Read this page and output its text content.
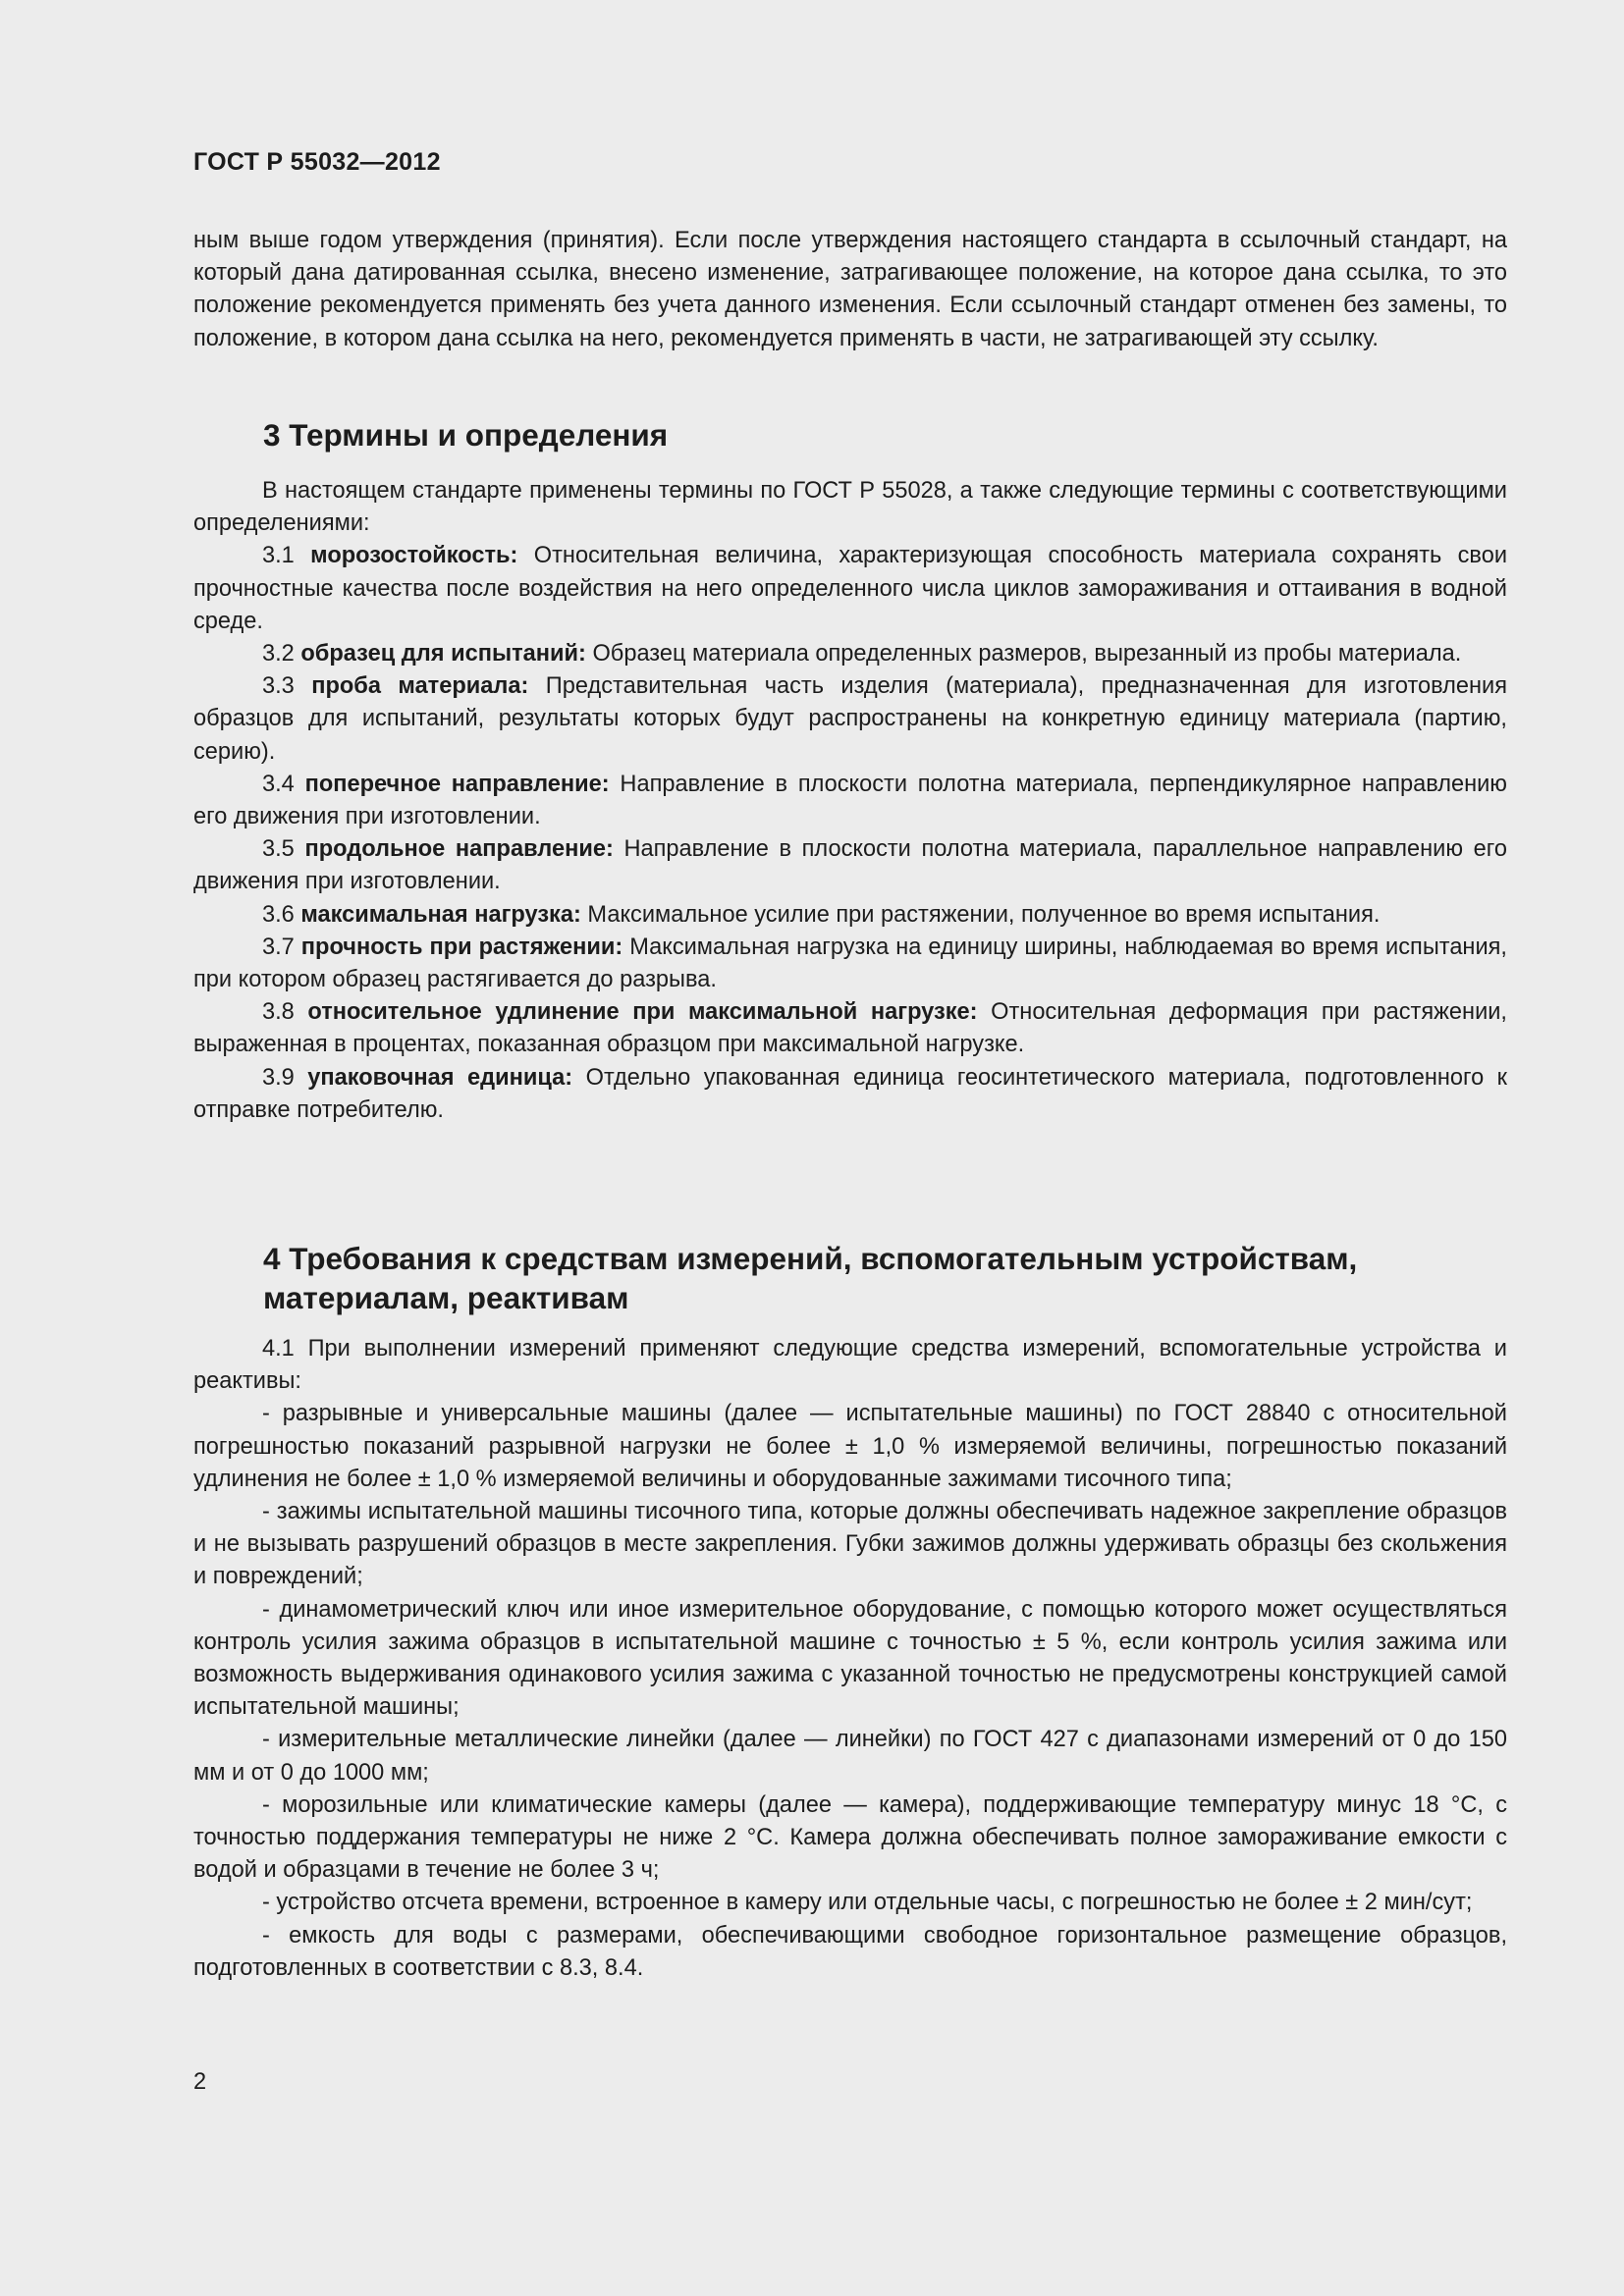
ГОСТ Р 55032—2012

ным выше годом утверждения (принятия). Если после утверждения настоящего стандарта в ссылочный стандарт, на который дана датированная ссылка, внесено изменение, затрагивающее положение, на которое дана ссылка, то это положение рекомендуется применять без учета данного изменения. Если ссылочный стандарт отменен без замены, то положение, в котором дана ссылка на него, рекомендуется применять в части, не затрагивающей эту ссылку.

3 Термины и определения

В настоящем стандарте применены термины по ГОСТ Р 55028, а также следующие термины с соответствующими определениями:

3.1 морозостойкость: Относительная величина, характеризующая способность материала сохранять свои прочностные качества после воздействия на него определенного числа циклов замораживания и оттаивания в водной среде.

3.2 образец для испытаний: Образец материала определенных размеров, вырезанный из пробы материала.

3.3 проба материала: Представительная часть изделия (материала), предназначенная для изготовления образцов для испытаний, результаты которых будут распространены на конкретную единицу материала (партию, серию).

3.4 поперечное направление: Направление в плоскости полотна материала, перпендикулярное направлению его движения при изготовлении.

3.5 продольное направление: Направление в плоскости полотна материала, параллельное направлению его движения при изготовлении.

3.6 максимальная нагрузка: Максимальное усилие при растяжении, полученное во время испытания.

3.7 прочность при растяжении: Максимальная нагрузка на единицу ширины, наблюдаемая во время испытания, при котором образец растягивается до разрыва.

3.8 относительное удлинение при максимальной нагрузке: Относительная деформация при растяжении, выраженная в процентах, показанная образцом при максимальной нагрузке.

3.9 упаковочная единица: Отдельно упакованная единица геосинтетического материала, подготовленного к отправке потребителю.

4 Требования к средствам измерений, вспомогательным устройствам, материалам, реактивам

4.1 При выполнении измерений применяют следующие средства измерений, вспомогательные устройства и реактивы:

- разрывные и универсальные машины (далее — испытательные машины) по ГОСТ 28840 с относительной погрешностью показаний разрывной нагрузки не более ± 1,0 % измеряемой величины, погрешностью показаний удлинения не более ± 1,0 % измеряемой величины и оборудованные зажимами тисочного типа;

- зажимы испытательной машины тисочного типа, которые должны обеспечивать надежное закрепление образцов и не вызывать разрушений образцов в месте закрепления. Губки зажимов должны удерживать образцы без скольжения и повреждений;

- динамометрический ключ или иное измерительное оборудование, с помощью которого может осуществляться контроль усилия зажима образцов в испытательной машине с точностью ± 5 %, если контроль усилия зажима или возможность выдерживания одинакового усилия зажима с указанной точностью не предусмотрены конструкцией самой испытательной машины;

- измерительные металлические линейки (далее — линейки) по ГОСТ 427 с диапазонами измерений от 0 до 150 мм и от 0 до 1000 мм;

- морозильные или климатические камеры (далее — камера), поддерживающие температуру минус 18 °С, с точностью поддержания температуры не ниже 2 °С. Камера должна обеспечивать полное замораживание емкости с водой и образцами в течение не более 3 ч;

- устройство отсчета времени, встроенное в камеру или отдельные часы, с погрешностью не более ± 2 мин/сут;

- емкость для воды с размерами, обеспечивающими свободное горизонтальное размещение образцов, подготовленных в соответствии с 8.3, 8.4.

2
